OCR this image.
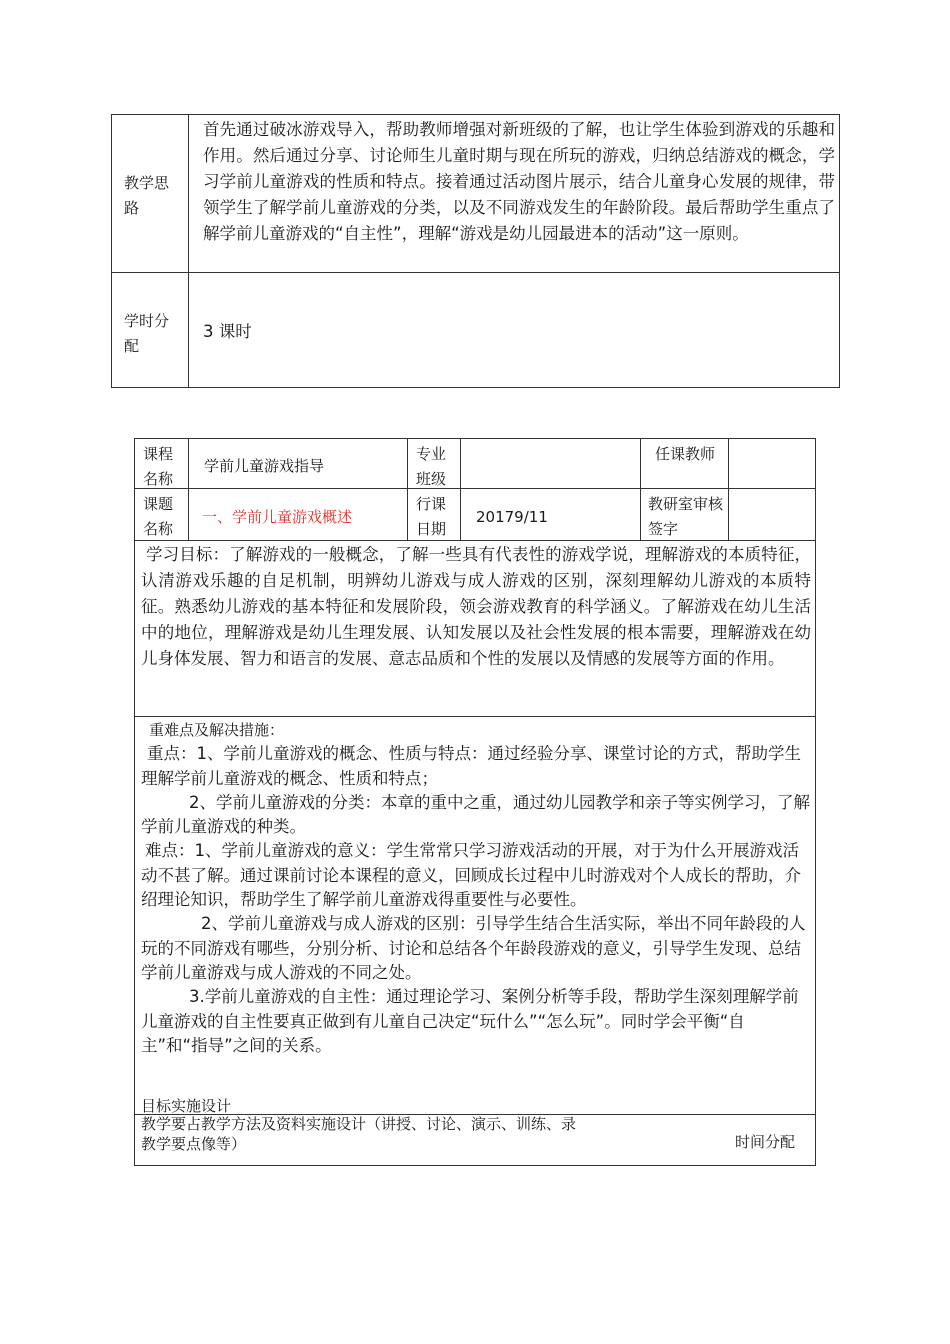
教学思路
首先通过破冰游戏导入，帮助教师增强对新班级的了解，也让学生体验到游戏的乐趣和作用。然后通过分享、讨论师生儿童时期与现在所玩的游戏，归纳总结游戏的概念，学习学前儿童游戏的性质和特点。接着通过活动图片展示，结合儿童身心发展的规律，带领学生了解学前儿童游戏的分类，以及不同游戏发生的年龄阶段。最后帮助学生重点了解学前儿童游戏的“自主性”，理解“游戏是幼儿园最进本的活动”这一原则。
学时分配
3 课时
课程名称
学前儿童游戏指导
专业班级
任课教师
课题名称
一、学前儿童游戏概述
行课日期
20179/11
教研室审核签字
学习目标：了解游戏的一般概念，了解一些具有代表性的游戏学说，理解游戏的本质特征，认清游戏乐趣的自足机制，明辨幼儿游戏与成人游戏的区别，深刻理解幼儿游戏的本质特征。熟悉幼儿游戏的基本特征和发展阶段，领会游戏教育的科学涵义。了解游戏在幼儿生活中的地位，理解游戏是幼儿生理发展、认知发展以及社会性发展的根本需要，理解游戏在幼儿身体发展、智力和语言的发展、意志品质和个性的发展以及情感的发展等方面的作用。

重难点及解决措施：

重点：1、学前儿童游戏的概念、性质与特点：通过经验分享、课堂讨论的方式，帮助学生理解学前儿童游戏的概念、性质和特点；

2、学前儿童游戏的分类：本章的重中之重，通过幼儿园教学和亲子等实例学习，了解学前儿童游戏的种类。

难点：1、学前儿童游戏的意义：学生常常只学习游戏活动的开展，对于为什么开展游戏活动不甚了解。通过课前讨论本课程的意义，回顾成长过程中儿时游戏对个人成长的帮助，介绍理论知识，帮助学生了解学前儿童游戏得重要性与必要性。

2、学前儿童游戏与成人游戏的区别：引导学生结合生活实际，举出不同年龄段的人玩的不同游戏有哪些，分别分析、讨论和总结各个年龄段游戏的意义，引导学生发现、总结学前儿童游戏与成人游戏的不同之处。

3.学前儿童游戏的自主性：通过理论学习、案例分析等手段，帮助学生深刻理解学前儿童游戏的自主性要真正做到有儿童自己决定“玩什么”“怎么玩”。同时学会平衡“自主”和“指导”之间的关系。

目标实施设计
教学要占教学方法及资料实施设计（讲授、讨论、演示、训练、录
教学要点像等）	时间分配
